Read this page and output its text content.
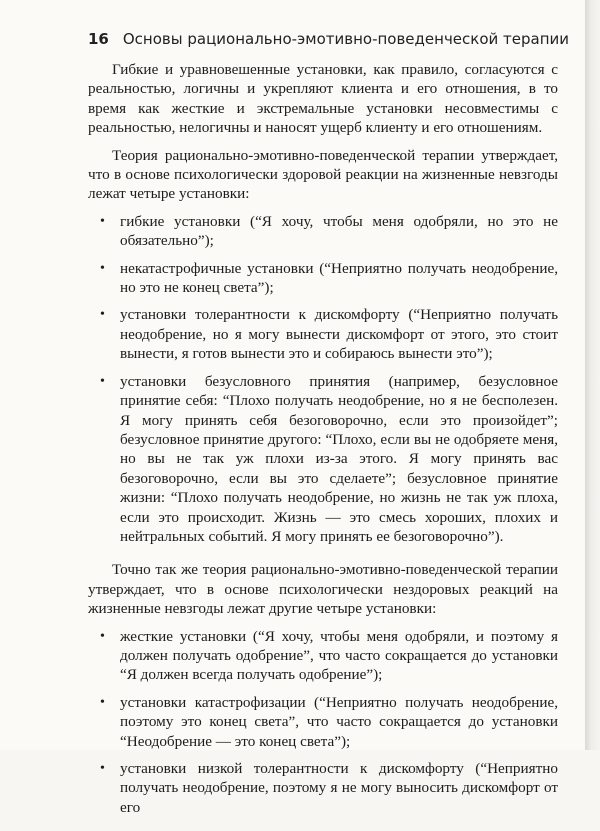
16 Основы рационально-эмотивно-поведенческой терапии

Гибкие и уравновешенные установки, как правило, согласуются с реальностью, логичны и укрепляют клиента и его отношения, в то время как жесткие и экстремальные установки несовместимы с реальностью, нелогичны и наносят ущерб клиенту и его отношениям.

Теория рационально-эмотивно-поведенческой терапии утверждает, что в основе психологически здоровой реакции на жизненные невзгоды лежат четыре установки:

• гибкие установки (“Я хочу, чтобы меня одобряли, но это не обязательно”);
• некатастрофичные установки (“Неприятно получать неодобрение, но это не конец света”);
• установки толерантности к дискомфорту (“Неприятно получать неодобрение, но я могу вынести дискомфорт от этого, это стоит вынести, я готов вынести это и собираюсь вынести это”);
• установки безусловного принятия (например, безусловное принятие себя: “Плохо получать неодобрение, но я не бесполезен. Я могу принять себя безоговорочно, если это произойдет”; безусловное принятие другого: “Плохо, если вы не одобряете меня, но вы не так уж плохи из-за этого. Я могу принять вас безоговорочно, если вы это сделаете”; безусловное принятие жизни: “Плохо получать неодобрение, но жизнь не так уж плоха, если это происходит. Жизнь — это смесь хороших, плохих и нейтральных событий. Я могу принять ее безоговорочно”).

Точно так же теория рационально-эмотивно-поведенческой терапии утверждает, что в основе психологически нездоровых реакций на жизненные невзгоды лежат другие четыре установки:

• жесткие установки (“Я хочу, чтобы меня одобряли, и поэтому я должен получать одобрение”, что часто сокращается до установки “Я должен всегда получать одобрение”);
• установки катастрофизации (“Неприятно получать неодобрение, поэтому это конец света”, что часто сокращается до установки “Неодобрение — это конец света”);
• установки низкой толерантности к дискомфорту (“Неприятно получать неодобрение, поэтому я не могу выносить дискомфорт от его
